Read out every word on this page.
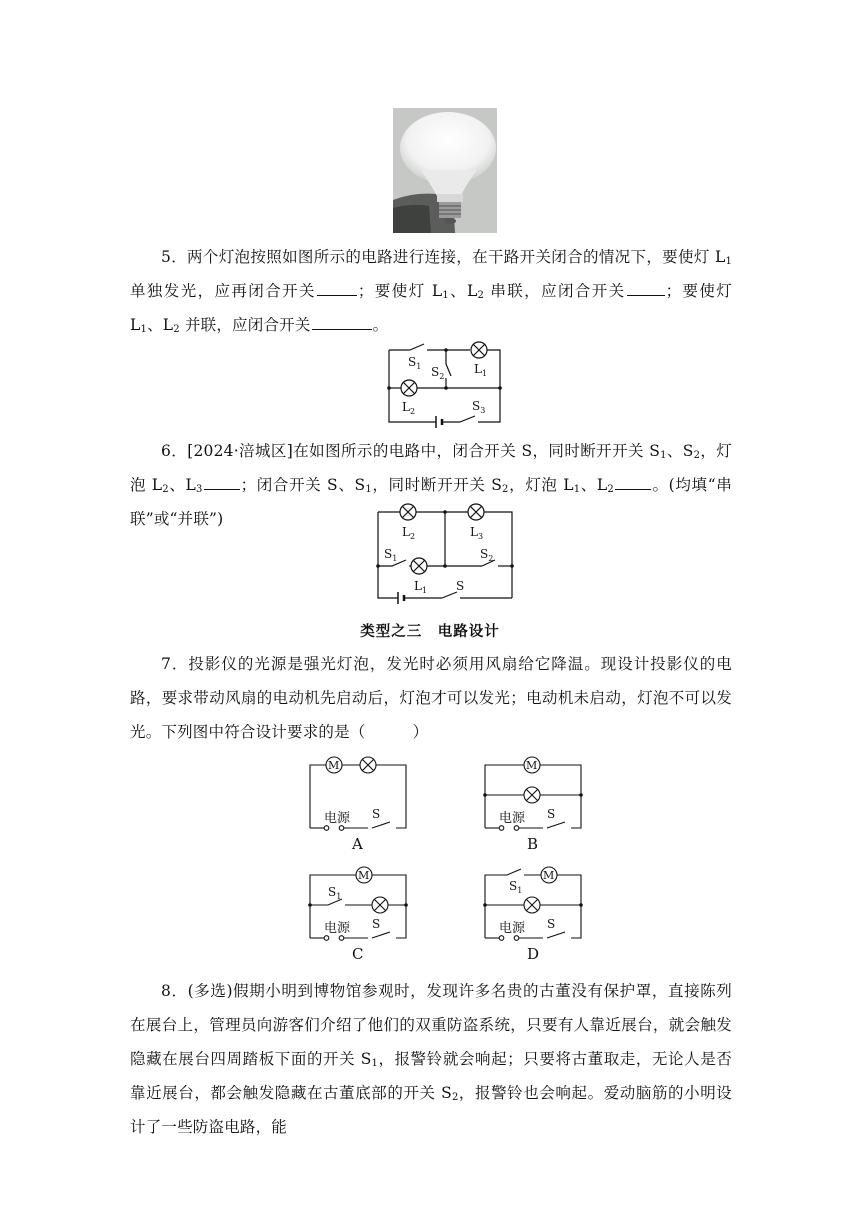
5．两个灯泡按照如图所示的电路进行连接，在干路开关闭合的情况下，要使灯 $L_1$单独发光，应再闭合开关	；要使灯 $L_1$、$L_2$ 串联，应闭合开关	；要使灯 $L_1$、$L_2$ 并联，应闭合开关	。
$S_1$ $S_2$
$L_1$
$L_2$	$S_3$
6．[2024·涪城区]在如图所示的电路中，闭合开关 S，同时断开开关 $S_1$、$S_2$，灯泡 $L_2$、$L_3$ ；闭合开关 S、$S_1$，同时断开开关 $S_2$，灯泡 $L_1$、$L_2$ 。(均填“串联”或“并联”)
$L_2$	$L_3$
$S_1$	$S_2$
$L_1$ S
类型之三　电路设计
7．投影仪的光源是强光灯泡，发光时必须用风扇给它降温。现设计投影仪的电路，要求带动风扇的电动机先启动后，灯泡才可以发光；电动机未启动，灯泡不可以发光。下列图中符合设计要求的是（　　　）
M
电源 S
A
M
电源 S
B
M
$S_1$
电源 S
C
M
$S_1$
电源 S
D
8．(多选)假期小明到博物馆参观时，发现许多名贵的古董没有保护罩，直接陈列在展台上，管理员向游客们介绍了他们的双重防盗系统，只要有人靠近展台，就会触发隐藏在展台四周踏板下面的开关 $S_1$，报警铃就会响起；只要将古董取走，无论人是否靠近展台，都会触发隐藏在古董底部的开关 $S_2$，报警铃也会响起。爱动脑筋的小明设计了一些防盗电路，能
